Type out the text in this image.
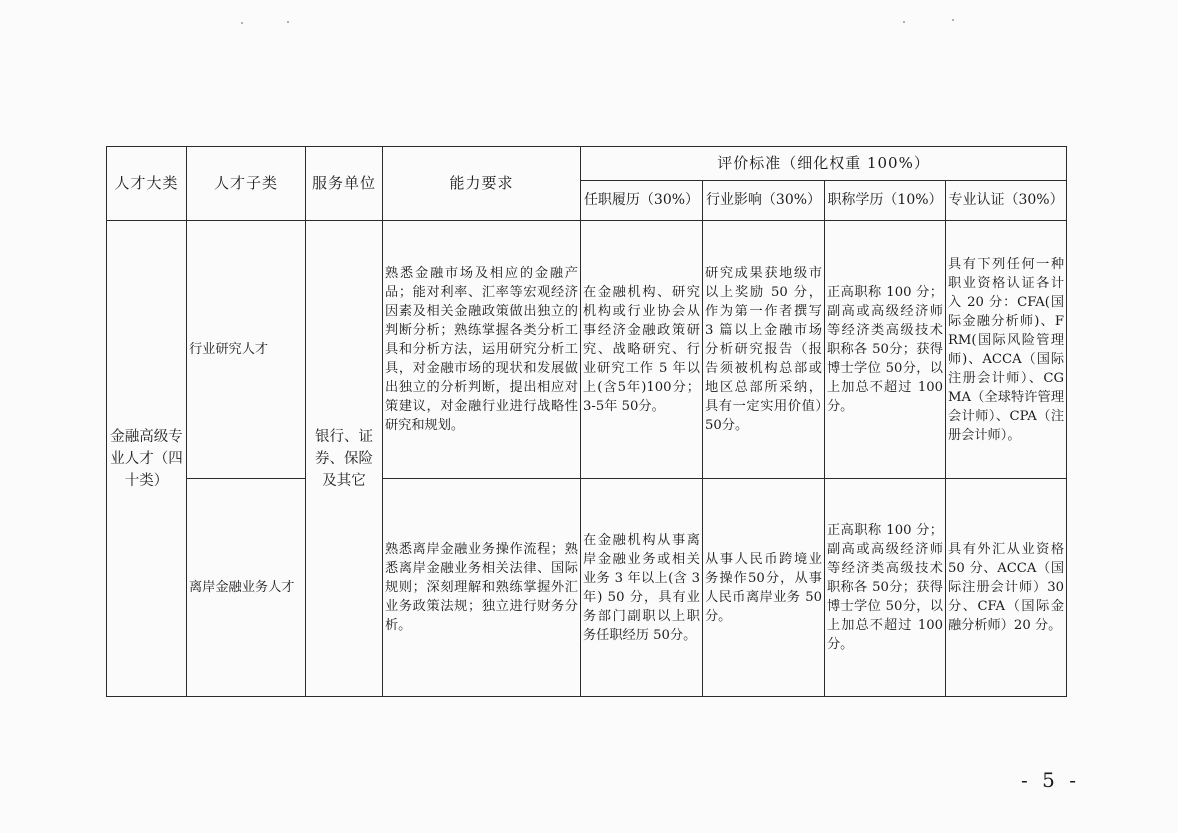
人才大类	人才子类	服务单位	能力要求	评价标准（细化权重 100%）			
				任职履历（30%）	行业影响（30%）	职称学历（10%）	专业认证（30%）
金融高级专业人才（四十类）	行业研究人才	银行、证券、保险及其它	熟悉金融市场及相应的金融产品；能对利率、汇率等宏观经济因素及相关金融政策做出独立的判断分析；熟练掌握各类分析工具和分析方法，运用研究分析工具，对金融市场的现状和发展做出独立的分析判断，提出相应对策建议，对金融行业进行战略性研究和规划。	在金融机构、研究机构或行业协会从事经济金融政策研究、战略研究、行业研究工作 5 年以上(含5年)100分；3-5年 50分。	研究成果获地级市以上奖励 50 分，作为第一作者撰写 3 篇以上金融市场分析研究报告（报告须被机构总部或地区总部所采纳，具有一定实用价值）50分。	正高职称 100 分；副高或高级经济师等经济类高级技术职称各 50分；获得博士学位 50分，以上加总不超过 100分。	具有下列任何一种职业资格认证各计入 20 分：CFA(国际金融分析师)、FRM(国际风险管理师)、ACCA（国际注册会计师）、CGMA（全球特许管理会计师）、CPA（注册会计师）。
	离岸金融业务人才		熟悉离岸金融业务操作流程；熟悉离岸金融业务相关法律、国际规则；深刻理解和熟练掌握外汇业务政策法规；独立进行财务分析。	在金融机构从事离岸金融业务或相关业务 3 年以上(含 3 年) 50 分，具有业务部门副职以上职务任职经历 50分。	从事人民币跨境业务操作50分，从事人民币离岸业务 50分。	正高职称 100 分；副高或高级经济师等经济类高级技术职称各 50分；获得博士学位 50分，以上加总不超过 100分。	具有外汇从业资格 50 分、ACCA（国际注册会计师）30 分、CFA（国际金融分析师）20 分。
- 5 -
